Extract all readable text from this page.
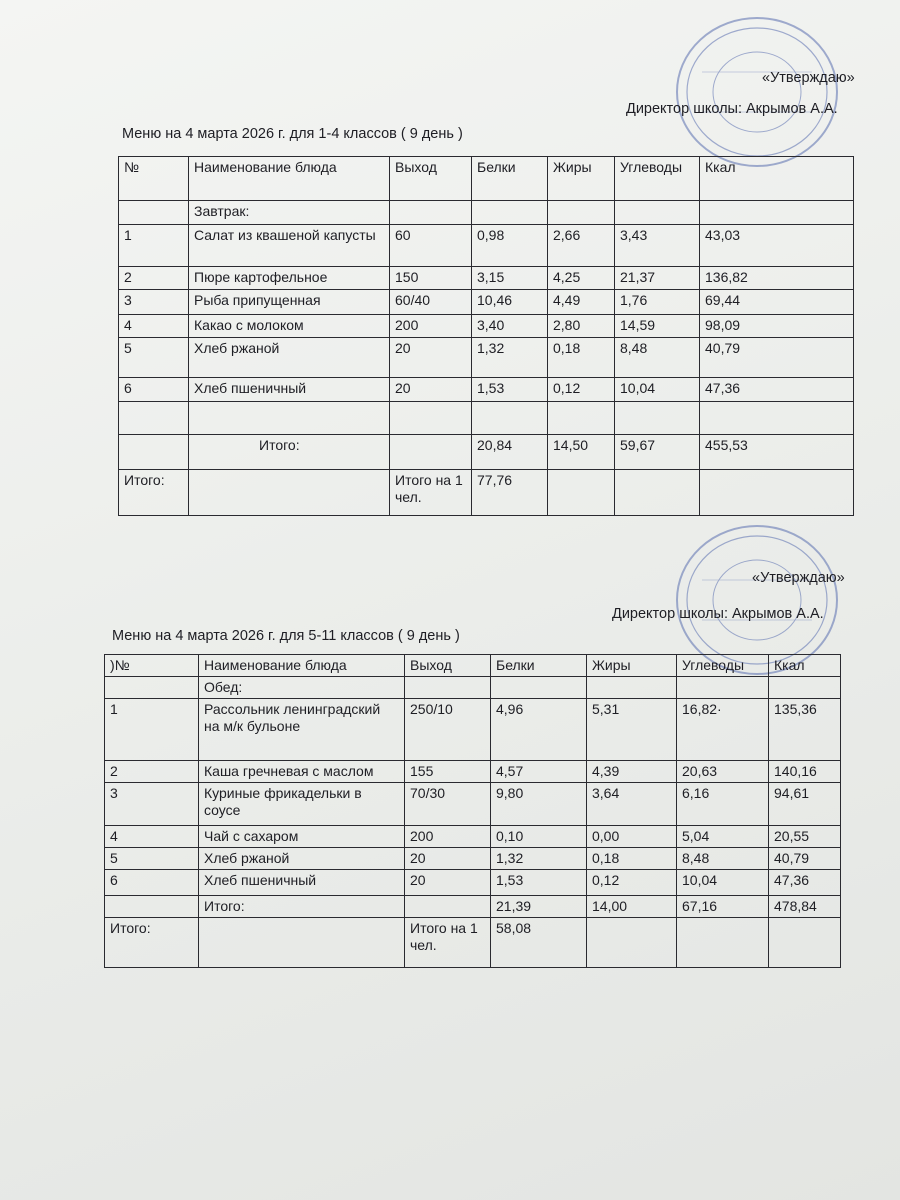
«Утверждаю»
Директор школы: Акрымов А.А.
Меню на 4 марта 2026 г. для 1-4 классов ( 9 день )
№	Наименование блюда	Выход	Белки	Жиры	Углеводы	Ккал
	Завтрак:					
1	Салат из квашеной капусты	60	0,98	2,66	3,43	43,03
2	Пюре картофельное	150	3,15	4,25	21,37	136,82
3	Рыба припущенная	60/40	10,46	4,49	1,76	69,44
4	Какао с молоком	200	3,40	2,80	14,59	98,09
5	Хлеб ржаной	20	1,32	0,18	8,48	40,79
6	Хлеб пшеничный	20	1,53	0,12	10,04	47,36

	Итого:		20,84	14,50	59,67	455,53
Итого:		Итого на 1 чел.	77,76			
«Утверждаю»
Директор школы: Акрымов А.А.
Меню на 4 марта 2026 г. для 5-11 классов ( 9 день )
)№	Наименование блюда	Выход	Белки	Жиры	Углеводы	Ккал
	Обед:					
1	Рассольник ленинградский на м/к бульоне	250/10	4,96	5,31	16,82·	135,36
2	Каша гречневая с маслом	155	4,57	4,39	20,63	140,16
3	Куриные фрикадельки в соусе	70/30	9,80	3,64	6,16	94,61
4	Чай с сахаром	200	0,10	0,00	5,04	20,55
5	Хлеб ржаной	20	1,32	0,18	8,48	40,79
6	Хлеб пшеничный	20	1,53	0,12	10,04	47,36
	Итого:		21,39	14,00	67,16	478,84
Итого:		Итого на 1 чел.	58,08			
